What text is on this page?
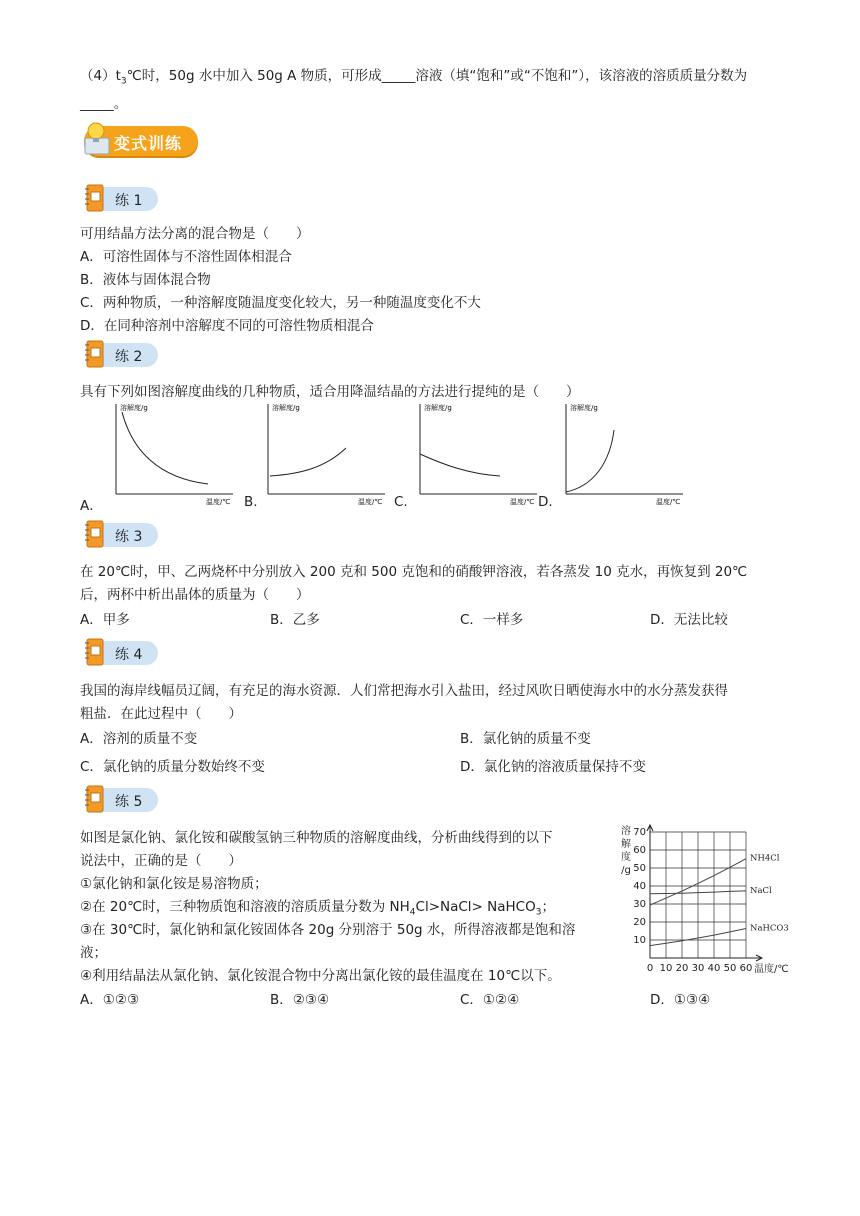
$(4)t_3℃$时，50g 水中加入 50g A 物质，可形成_____溶液（填“饱和”或“不饱和”），该溶液的溶质质量分数为
_____。
变式训练
练 1
可用结晶方法分离的混合物是（　　）
A．可溶性固体与不溶性固体相混合
B．液体与固体混合物
C．两种物质，一种溶解度随温度变化较大，另一种随温度变化不大
D．在同种溶剂中溶解度不同的可溶性物质相混合
练 2
具有下列如图溶解度曲线的几种物质，适合用降温结晶的方法进行提纯的是（　　）
溶解度/g
温度/℃
溶解度/g
温度/℃
溶解度/g
温度/℃
溶解度/g
温度/℃
A．	B.	C.	D.
练 3
在 20℃时，甲、乙两烧杯中分别放入 200 克和 500 克饱和的硝酸钾溶液，若各蒸发 10 克水，再恢复到 20℃
后，两杯中析出晶体的质量为（　　）
A．甲多	B．乙多	C．一样多	D．无法比较
练 4
我国的海岸线幅员辽阔，有充足的海水资源．人们常把海水引入盐田，经过风吹日晒使海水中的水分蒸发获得
粗盐．在此过程中（　　）
A．溶剂的质量不变	B．氯化钠的质量不变
C．氯化钠的质量分数始终不变	D．氯化钠的溶液质量保持不变
练 5
如图是氯化钠、氯化铵和碳酸氢钠三种物质的溶解度曲线，分析曲线得到的以下
说法中，正确的是（　　）
①氯化钠和氯化铵是易溶物质；
②在 20℃时，三种物质饱和溶液的溶质质量分数为 $NH_4Cl>NaCl>$ NaHCO$_3$；
③在 30℃时，氯化钠和氯化铵固体各 20g 分别溶于 50g 水，所得溶液都是饱和溶
液；
④利用结晶法从氯化钠、氯化铵混合物中分离出氯化铵的最佳温度在 10℃以下。
A．①②③	B．②③④	C．①②④	D．①③④
0 10 20 30 40 50 60
10
20
30
40
50
60
70
溶
解
度
/g
温度/℃
NH4Cl
NaCl
NaHCO3
